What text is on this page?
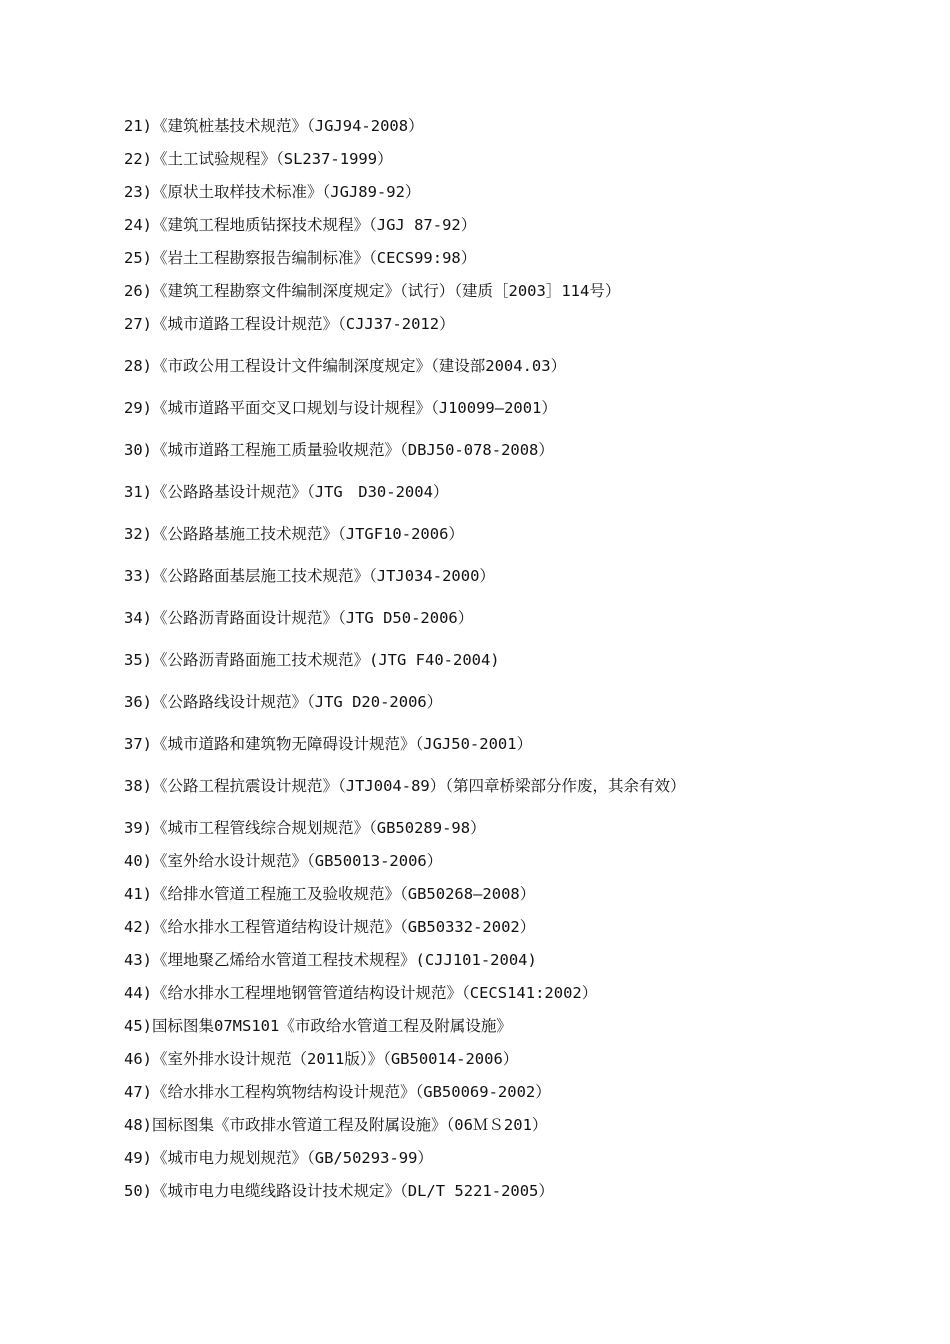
21)《建筑桩基技术规范》（JGJ94-2008）
22)《土工试验规程》（SL237-1999）
23)《原状土取样技术标准》（JGJ89-92）
24)《建筑工程地质钻探技术规程》（JGJ 87-92）
25)《岩土工程勘察报告编制标准》（CECS99:98）
26)《建筑工程勘察文件编制深度规定》（试行）（建质［2003］114号）
27)《城市道路工程设计规范》（CJJ37-2012）
28)《市政公用工程设计文件编制深度规定》（建设部2004.03）
29)《城市道路平面交叉口规划与设计规程》（J10099—2001）
30)《城市道路工程施工质量验收规范》（DBJ50-078-2008）
31)《公路路基设计规范》（JTG　D30-2004）
32)《公路路基施工技术规范》（JTGF10-2006）
33)《公路路面基层施工技术规范》（JTJ034-2000）
34)《公路沥青路面设计规范》（JTG D50-2006）
35)《公路沥青路面施工技术规范》(JTG F40-2004)
36)《公路路线设计规范》（JTG D20-2006）
37)《城市道路和建筑物无障碍设计规范》（JGJ50-2001）
38)《公路工程抗震设计规范》（JTJ004-89）（第四章桥梁部分作废，其余有效）
39)《城市工程管线综合规划规范》（GB50289-98）
40)《室外给水设计规范》（GB50013-2006）
41)《给排水管道工程施工及验收规范》（GB50268—2008）
42)《给水排水工程管道结构设计规范》（GB50332-2002）
43)《埋地聚乙烯给水管道工程技术规程》(CJJ101-2004)
44)《给水排水工程埋地钢管管道结构设计规范》（CECS141:2002）
45)国标图集07MS101《市政给水管道工程及附属设施》
46)《室外排水设计规范（2011版）》（GB50014-2006）
47)《给水排水工程构筑物结构设计规范》（GB50069-2002）
48)国标图集《市政排水管道工程及附属设施》（06ＭＳ201）
49)《城市电力规划规范》（GB/50293-99）
50)《城市电力电缆线路设计技术规定》（DL/T 5221-2005）
